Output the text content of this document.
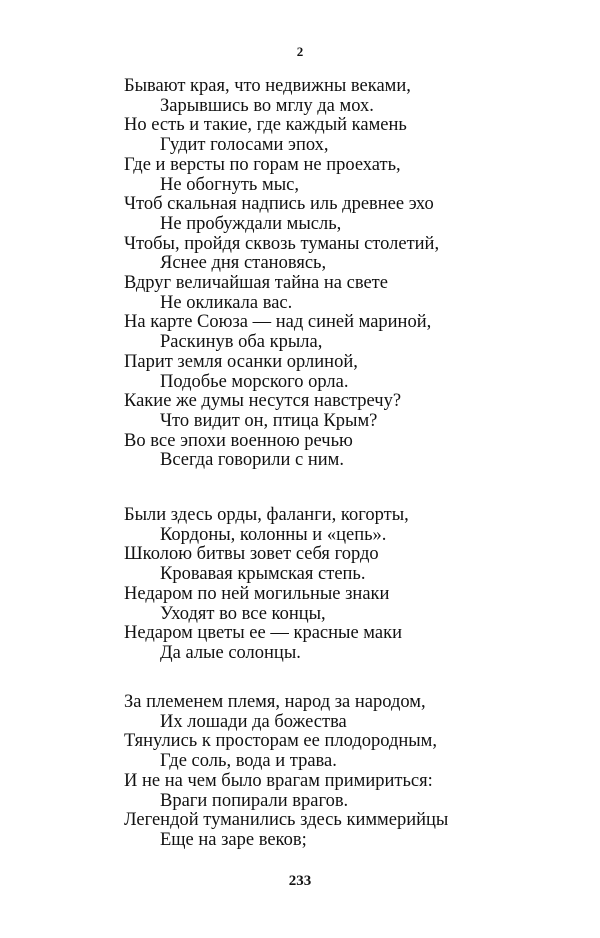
2
Бывают края, что недвижны веками,
Зарывшись во мглу да мох.
Но есть и такие, где каждый камень
Гудит голосами эпох,
Где и версты по горам не проехать,
Не обогнуть мыс,
Чтоб скальная надпись иль древнее эхо
Не пробуждали мысль,
Чтобы, пройдя сквозь туманы столетий,
Яснее дня становясь,
Вдруг величайшая тайна на свете
Не окликала вас.
На карте Союза — над синей мариной,
Раскинув оба крыла,
Парит земля осанки орлиной,
Подобье морского орла.
Какие же думы несутся навстречу?
Что видит он, птица Крым?
Во все эпохи военною речью
Всегда говорили с ним.
Были здесь орды, фаланги, когорты,
Кордоны, колонны и «цепь».
Школою битвы зовет себя гордо
Кровавая крымская степь.
Недаром по ней могильные знаки
Уходят во все концы,
Недаром цветы ее — красные маки
Да алые солонцы.
За племенем племя, народ за народом,
Их лошади да божества
Тянулись к просторам ее плодородным,
Где соль, вода и трава.
И не на чем было врагам примириться:
Враги попирали врагов.
Легендой туманились здесь киммерийцы
Еще на заре веков;
233
